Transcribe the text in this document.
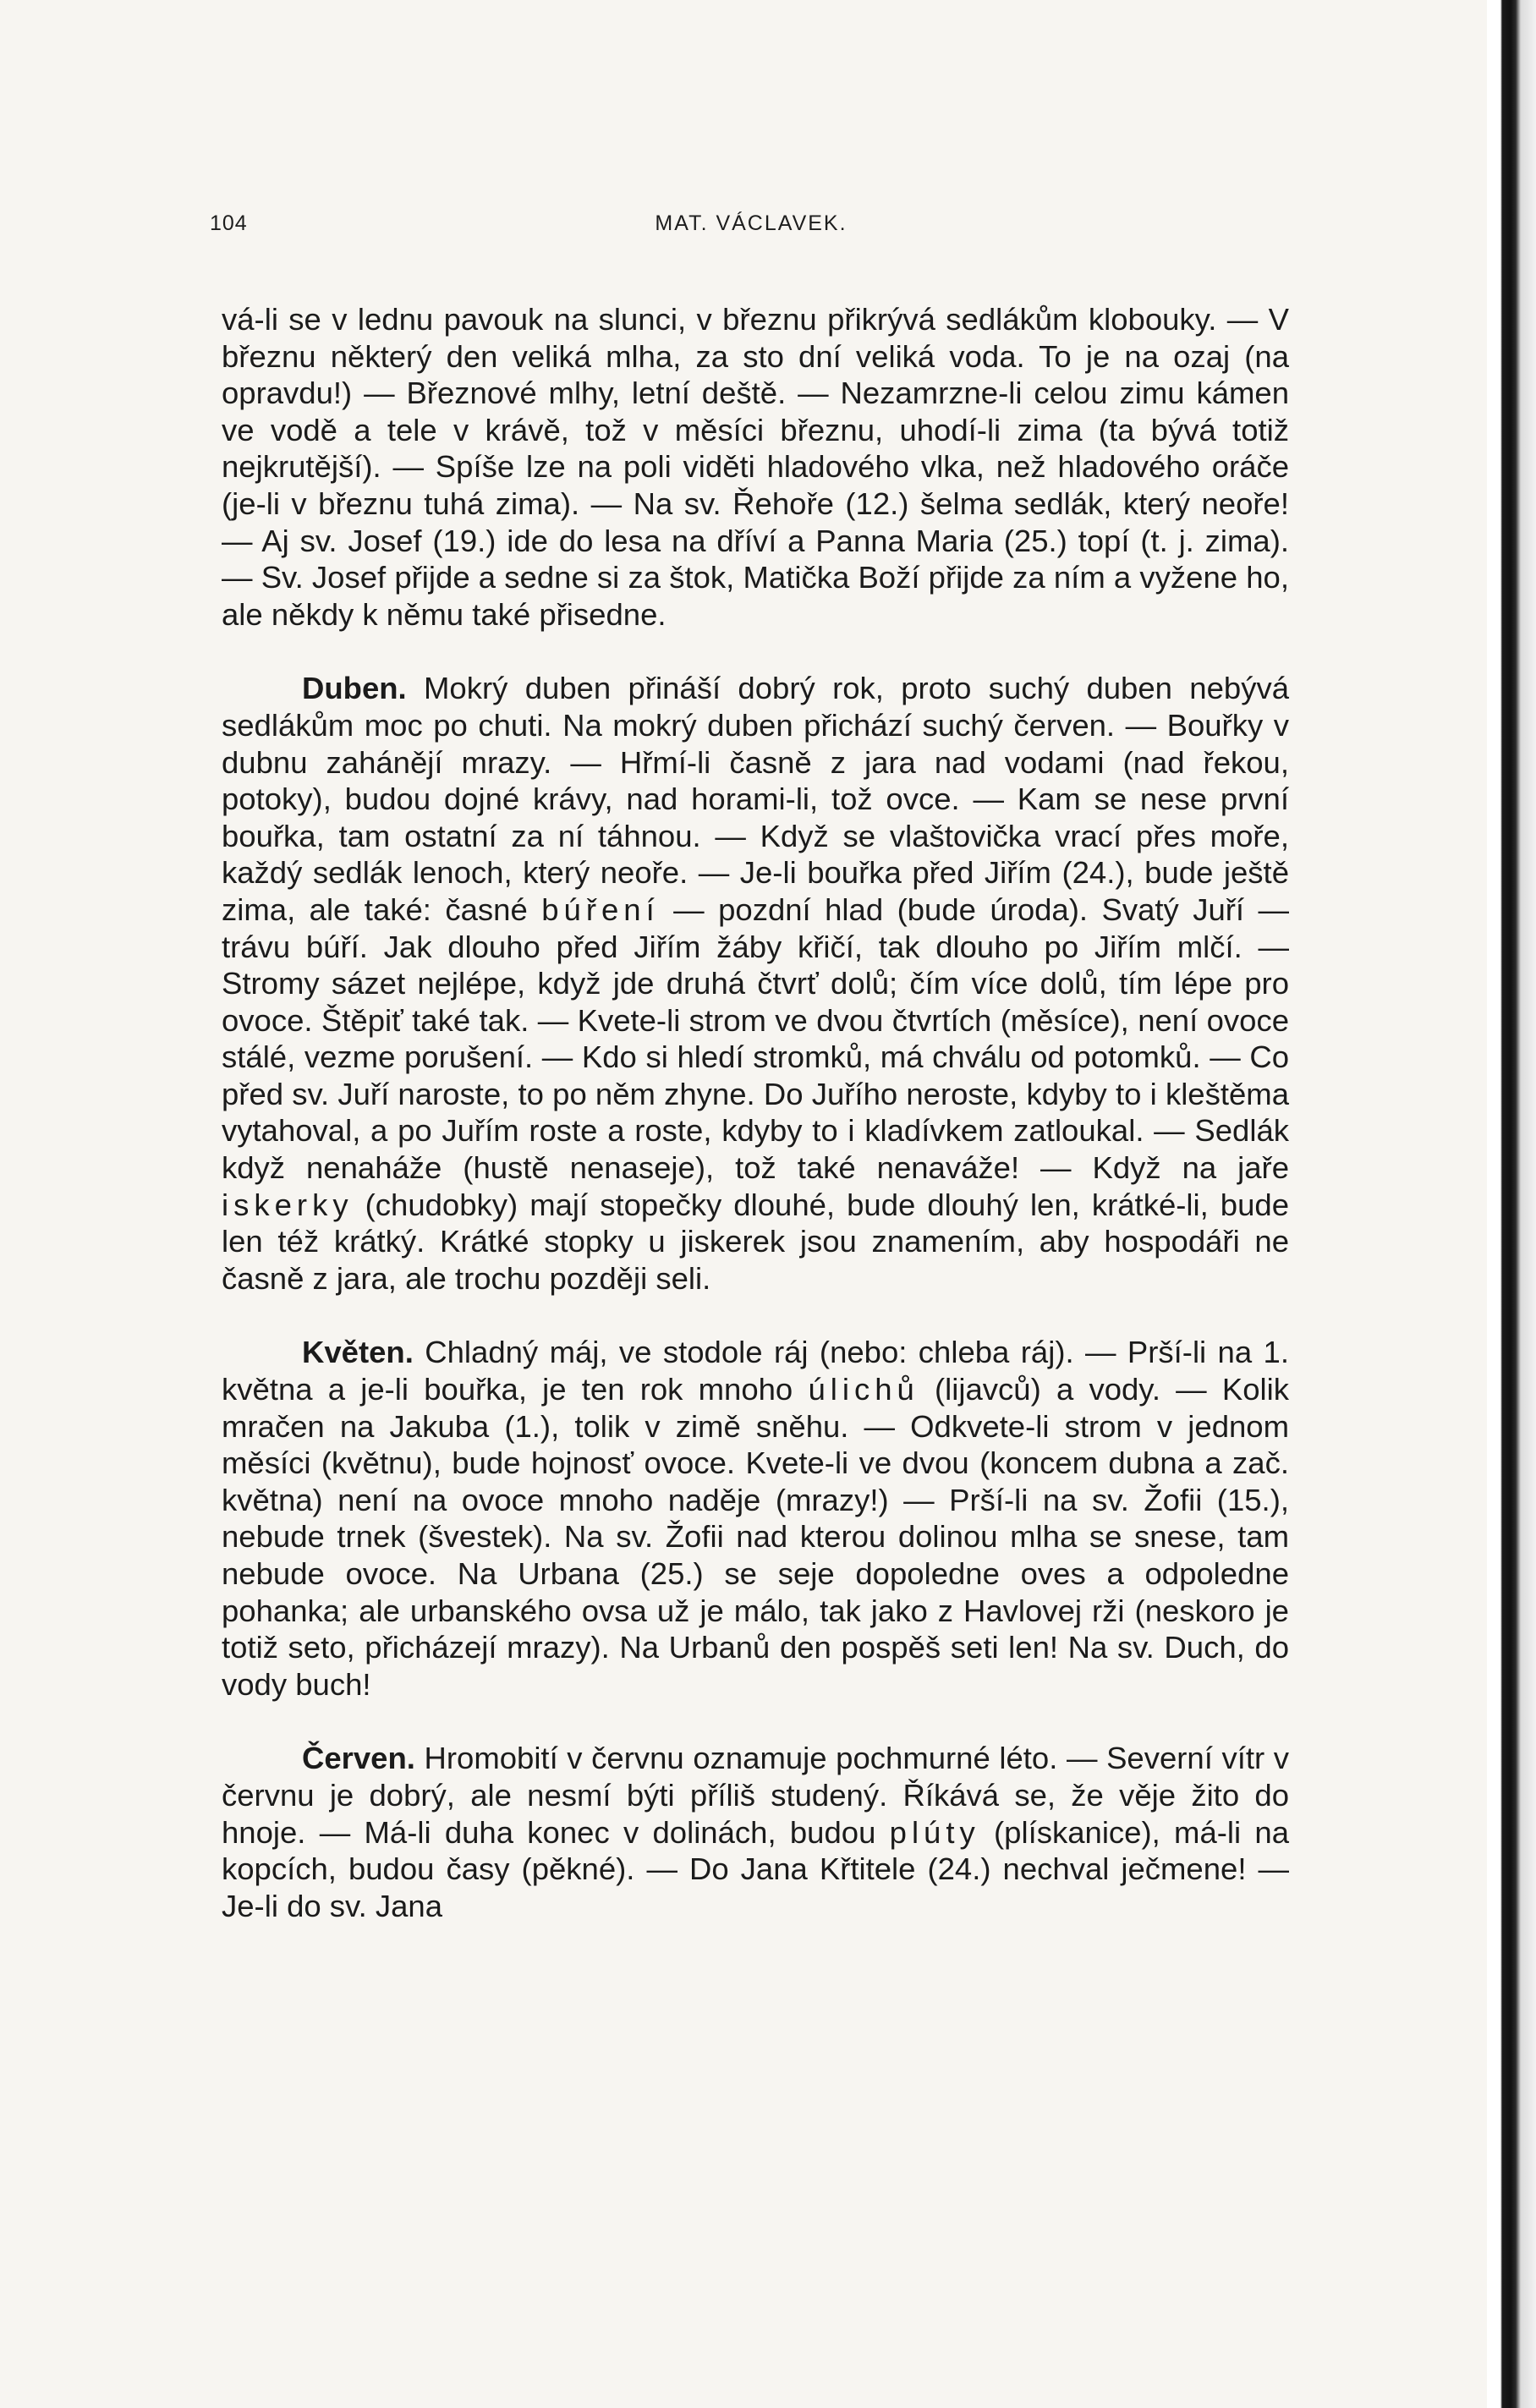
104	MAT. VÁCLAVEK.

vá-li se v lednu pavouk na slunci, v březnu přikrývá sedlákům klobouky. — V březnu některý den veliká mlha, za sto dní veliká voda. To je na ozaj (na opravdu!) — Březnové mlhy, letní deště. — Nezamrzne-li celou zimu kámen ve vodě a tele v krávě, tož v měsíci březnu, uhodí-li zima (ta bývá totiž nejkrutější). — Spíše lze na poli viděti hladového vlka, než hladového oráče (je-li v březnu tuhá zima). — Na sv. Řehoře (12.) šelma sedlák, který neoře! — Aj sv. Josef (19.) ide do lesa na dříví a Panna Maria (25.) topí (t. j. zima). — Sv. Josef přijde a sedne si za štok, Matička Boží přijde za ním a vyžene ho, ale někdy k němu také přisedne.

Duben. Mokrý duben přináší dobrý rok, proto suchý duben nebývá sedlákům moc po chuti. Na mokrý duben přichází suchý červen. — Bouřky v dubnu zahánějí mrazy. — Hřmí-li časně z jara nad vodami (nad řekou, potoky), budou dojné krávy, nad horami-li, tož ovce. — Kam se nese první bouřka, tam ostatní za ní táhnou. — Když se vlaštovička vrací přes moře, každý sedlák lenoch, který neoře. — Je-li bouřka před Jiřím (24.), bude ještě zima, ale také: časné búření — pozdní hlad (bude úroda). Svatý Juří — trávu búří. Jak dlouho před Jiřím žáby křičí, tak dlouho po Jiřím mlčí. — Stromy sázet nejlépe, když jde druhá čtvrť dolů; čím více dolů, tím lépe pro ovoce. Štěpiť také tak. — Kvete-li strom ve dvou čtvrtích (měsíce), není ovoce stálé, vezme porušení. — Kdo si hledí stromků, má chválu od potomků. — Co před sv. Juří naroste, to po něm zhyne. Do Juřího neroste, kdyby to i kleštěma vytahoval, a po Juřím roste a roste, kdyby to i kladívkem zatloukal. — Sedlák když nenaháže (hustě nenaseje), tož také nenaváže! — Když na jaře iskerky (chudobky) mají stopečky dlouhé, bude dlouhý len, krátké-li, bude len též krátký. Krátké stopky u jiskerek jsou znamením, aby hospodáři ne časně z jara, ale trochu později seli.

Květen. Chladný máj, ve stodole ráj (nebo: chleba ráj). — Prší-li na 1. května a je-li bouřka, je ten rok mnoho úlichů (lijavců) a vody. — Kolik mračen na Jakuba (1.), tolik v zimě sněhu. — Odkvete-li strom v jednom měsíci (květnu), bude hojnosť ovoce. Kvete-li ve dvou (koncem dubna a zač. května) není na ovoce mnoho naděje (mrazy!) — Prší-li na sv. Žofii (15.), nebude trnek (švestek). Na sv. Žofii nad kterou dolinou mlha se snese, tam nebude ovoce. Na Urbana (25.) se seje dopoledne oves a odpoledne pohanka; ale urbanského ovsa už je málo, tak jako z Havlovej rži (neskoro je totiž seto, přicházejí mrazy). Na Urbanů den pospěš seti len! Na sv. Duch, do vody buch!

Červen. Hromobití v červnu oznamuje pochmurné léto. — Severní vítr v červnu je dobrý, ale nesmí býti příliš studený. Říkává se, že věje žito do hnoje. — Má-li duha konec v dolinách, budou plúty (plískanice), má-li na kopcích, budou časy (pěkné). — Do Jana Křtitele (24.) nechval ječmene! — Je-li do sv. Jana
